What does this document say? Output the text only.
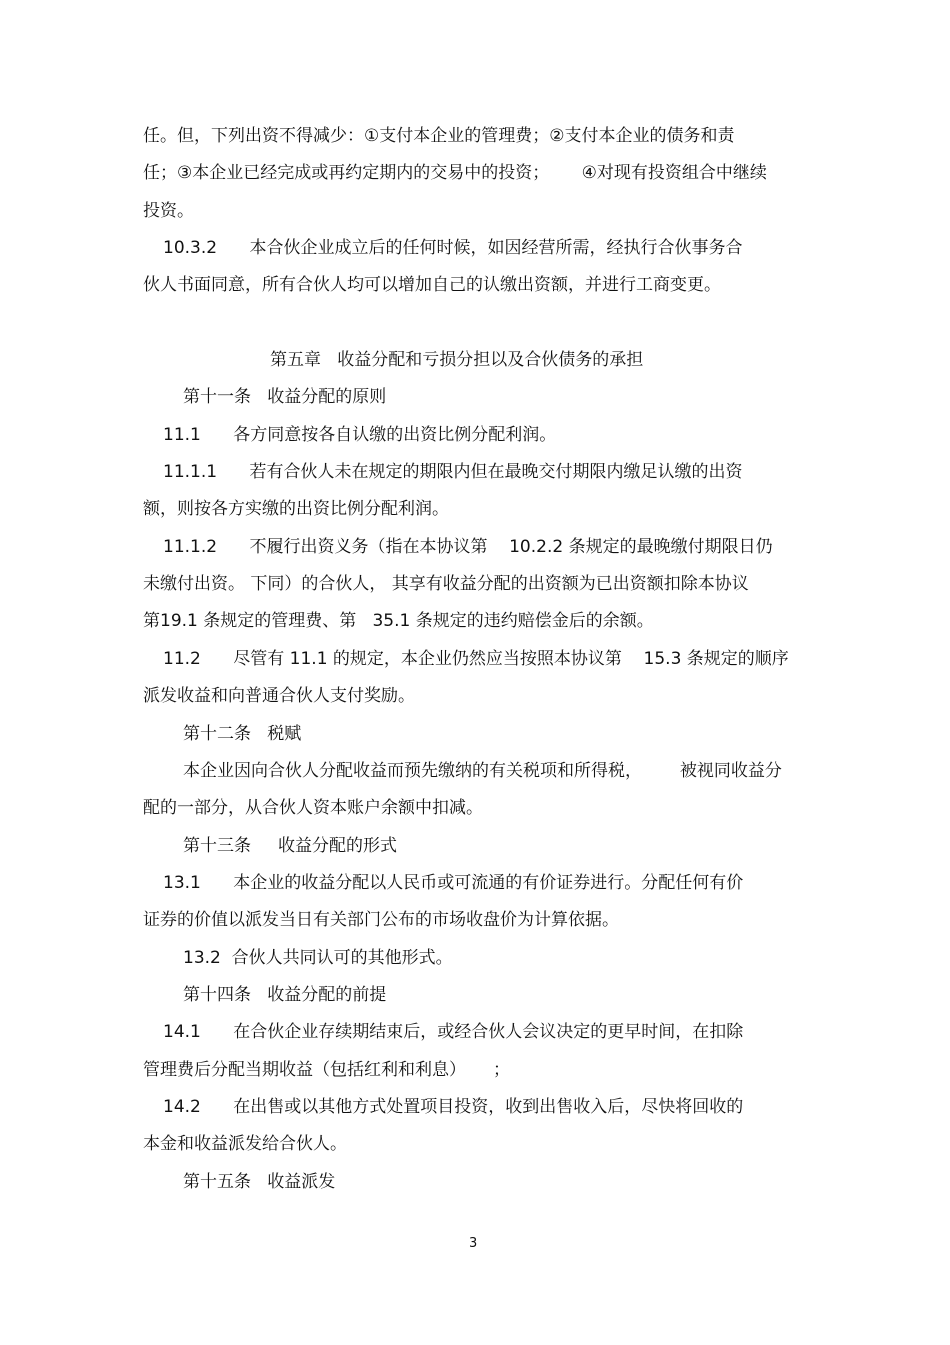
任。但，下列出资不得减少：①支付本企业的管理费；②支付本企业的债务和责

任；③本企业已经完成或再约定期内的交易中的投资；      ④对现有投资组合中继续

投资。

10.3.2      本合伙企业成立后的任何时候，如因经营所需，经执行合伙事务合

伙人书面同意，所有合伙人均可以增加自己的认缴出资额，并进行工商变更。

第五章   收益分配和亏损分担以及合伙债务的承担

第十一条   收益分配的原则

11.1      各方同意按各自认缴的出资比例分配利润。

11.1.1      若有合伙人未在规定的期限内但在最晚交付期限内缴足认缴的出资

额，则按各方实缴的出资比例分配利润。

11.1.2      不履行出资义务（指在本协议第    10.2.2 条规定的最晚缴付期限日仍

未缴付出资。 下同）的合伙人， 其享有收益分配的出资额为已出资额扣除本协议

第19.1 条规定的管理费、第   35.1 条规定的违约赔偿金后的余额。

11.2      尽管有 11.1 的规定，本企业仍然应当按照本协议第    15.3 条规定的顺序

派发收益和向普通合伙人支付奖励。

第十二条   税赋

本企业因向合伙人分配收益而预先缴纳的有关税项和所得税，       被视同收益分

配的一部分，从合伙人资本账户余额中扣减。

第十三条     收益分配的形式

13.1      本企业的收益分配以人民币或可流通的有价证券进行。分配任何有价

证券的价值以派发当日有关部门公布的市场收盘价为计算依据。

13.2  合伙人共同认可的其他形式。

第十四条   收益分配的前提

14.1      在合伙企业存续期结束后，或经合伙人会议决定的更早时间，在扣除

管理费后分配当期收益（包括红利和利息）     ；

14.2      在出售或以其他方式处置项目投资，收到出售收入后，尽快将回收的

本金和收益派发给合伙人。

第十五条   收益派发

3
